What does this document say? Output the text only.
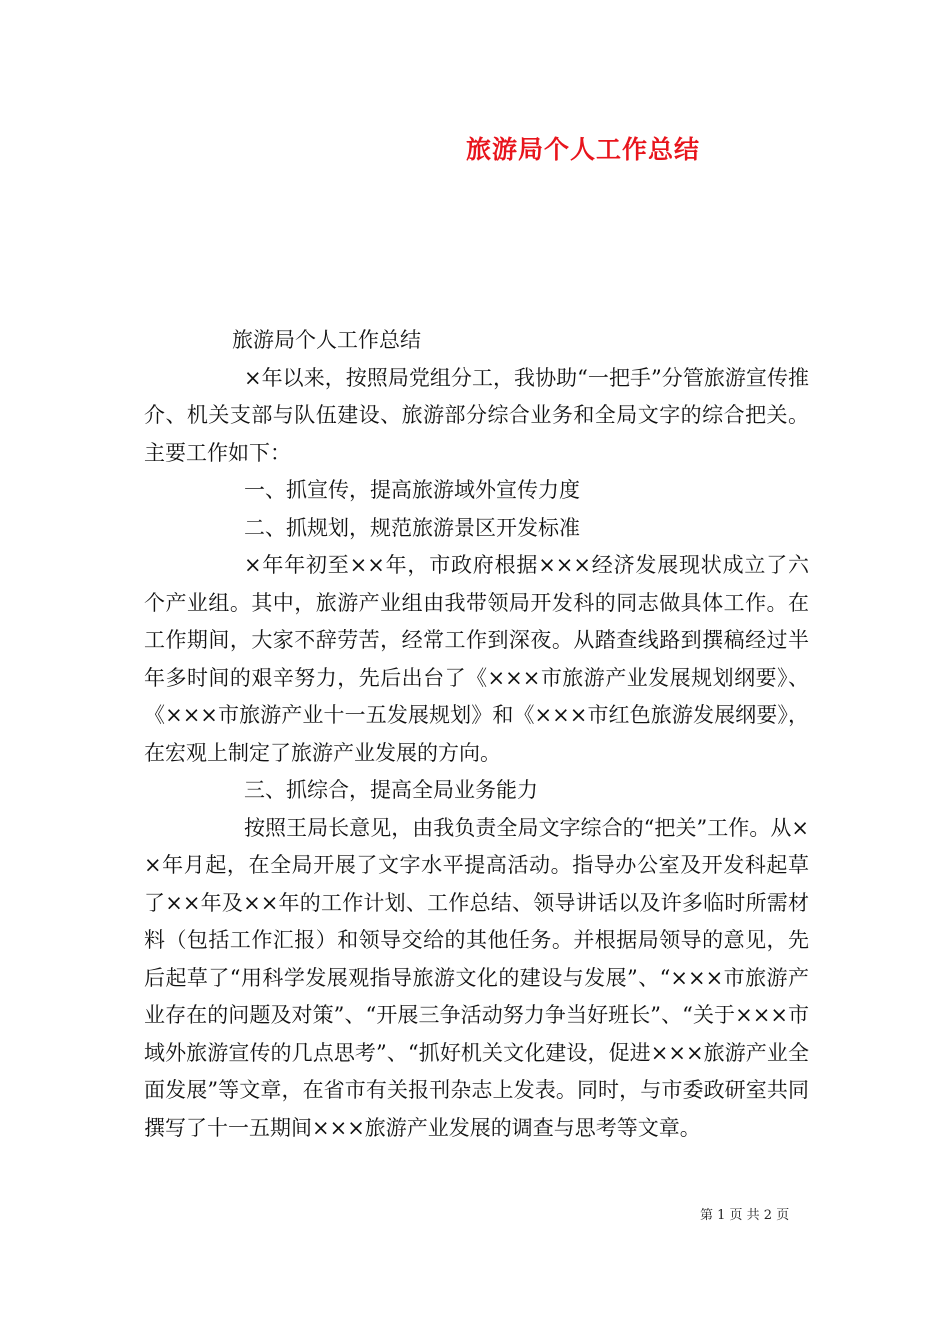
旅游局个人工作总结

旅游局个人工作总结

×年以来，按照局党组分工，我协助“一把手”分管旅游宣传推介、机关支部与队伍建设、旅游部分综合业务和全局文字的综合把关。主要工作如下：

一、抓宣传，提高旅游域外宣传力度

二、抓规划，规范旅游景区开发标准

×年年初至××年，市政府根据×××经济发展现状成立了六个产业组。其中，旅游产业组由我带领局开发科的同志做具体工作。在工作期间，大家不辞劳苦，经常工作到深夜。从踏查线路到撰稿经过半年多时间的艰辛努力，先后出台了《×××市旅游产业发展规划纲要》、《×××市旅游产业十一五发展规划》和《×××市红色旅游发展纲要》，在宏观上制定了旅游产业发展的方向。

三、抓综合，提高全局业务能力

按照王局长意见，由我负责全局文字综合的“把关”工作。从××年月起，在全局开展了文字水平提高活动。指导办公室及开发科起草了××年及××年的工作计划、工作总结、领导讲话以及许多临时所需材料（包括工作汇报）和领导交给的其他任务。并根据局领导的意见，先后起草了“用科学发展观指导旅游文化的建设与发展”、“×××市旅游产业存在的问题及对策”、“开展三争活动努力争当好班长”、“关于×××市域外旅游宣传的几点思考”、“抓好机关文化建设，促进×××旅游产业全面发展”等文章，在省市有关报刊杂志上发表。同时，与市委政研室共同撰写了十一五期间×××旅游产业发展的调查与思考等文章。

第 1 页 共 2 页
